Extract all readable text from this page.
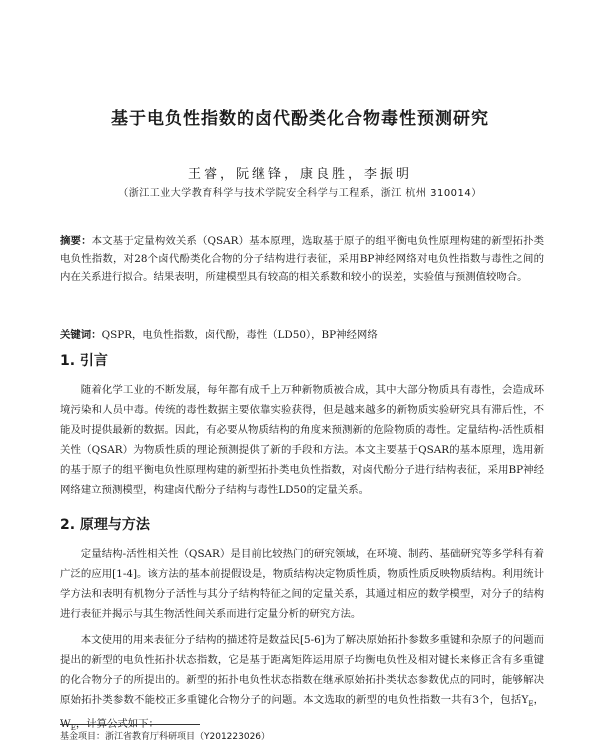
基于电负性指数的卤代酚类化合物毒性预测研究
王睿，阮继锋，康良胜，李振明
（浙江工业大学教育科学与技术学院安全科学与工程系，浙江 杭州 310014）
摘要：本文基于定量构效关系（QSAR）基本原理，选取基于原子的组平衡电负性原理构建的新型拓扑类电负性指数，对28个卤代酚类化合物的分子结构进行表征，采用BP神经网络对电负性指数与毒性之间的内在关系进行拟合。结果表明，所建模型具有较高的相关系数和较小的误差，实验值与预测值较吻合。
关键词：QSPR，电负性指数，卤代酚，毒性（LD50），BP神经网络
1. 引言
随着化学工业的不断发展，每年都有成千上万种新物质被合成，其中大部分物质具有毒性，会造成环境污染和人员中毒。传统的毒性数据主要依靠实验获得，但是越来越多的新物质实验研究具有滞后性，不能及时提供最新的数据。因此，有必要从物质结构的角度来预测新的危险物质的毒性。定量结构-活性质相关性（QSAR）为物质性质的理论预测提供了新的手段和方法。本文主要基于QSAR的基本原理，选用新的基于原子的组平衡电负性原理构建的新型拓扑类电负性指数，对卤代酚分子进行结构表征，采用BP神经网络建立预测模型，构建卤代酚分子结构与毒性LD50的定量关系。
2. 原理与方法
定量结构-活性相关性（QSAR）是目前比较热门的研究领域，在环境、制药、基础研究等多学科有着广泛的应用[1-4]。该方法的基本前提假设是，物质结构决定物质性质，物质性质反映物质结构。利用统计学方法和表明有机物分子活性与其分子结构特征之间的定量关系，其通过相应的数学模型，对分子的结构进行表征并揭示与其生物活性间关系而进行定量分析的研究方法。
本文使用的用来表征分子结构的描述符是数益民[5-6]为了解决原始拓扑参数多重键和杂原子的问题而提出的新型的电负性拓扑状态指数，它是基于距离矩阵运用原子均衡电负性及相对键长来修正含有多重键的化合物分子的所提出的。新型的拓扑电负性状态指数在继承原始拓扑类状态参数优点的同时，能够解决原始拓扑类参数不能校正多重键化合物分子的问题。本文选取的新型的电负性指数一共有3个，包括$Y_E$，$W_E$，计算公式如下：
基金项目：浙江省教育厅科研项目（Y201223026）
